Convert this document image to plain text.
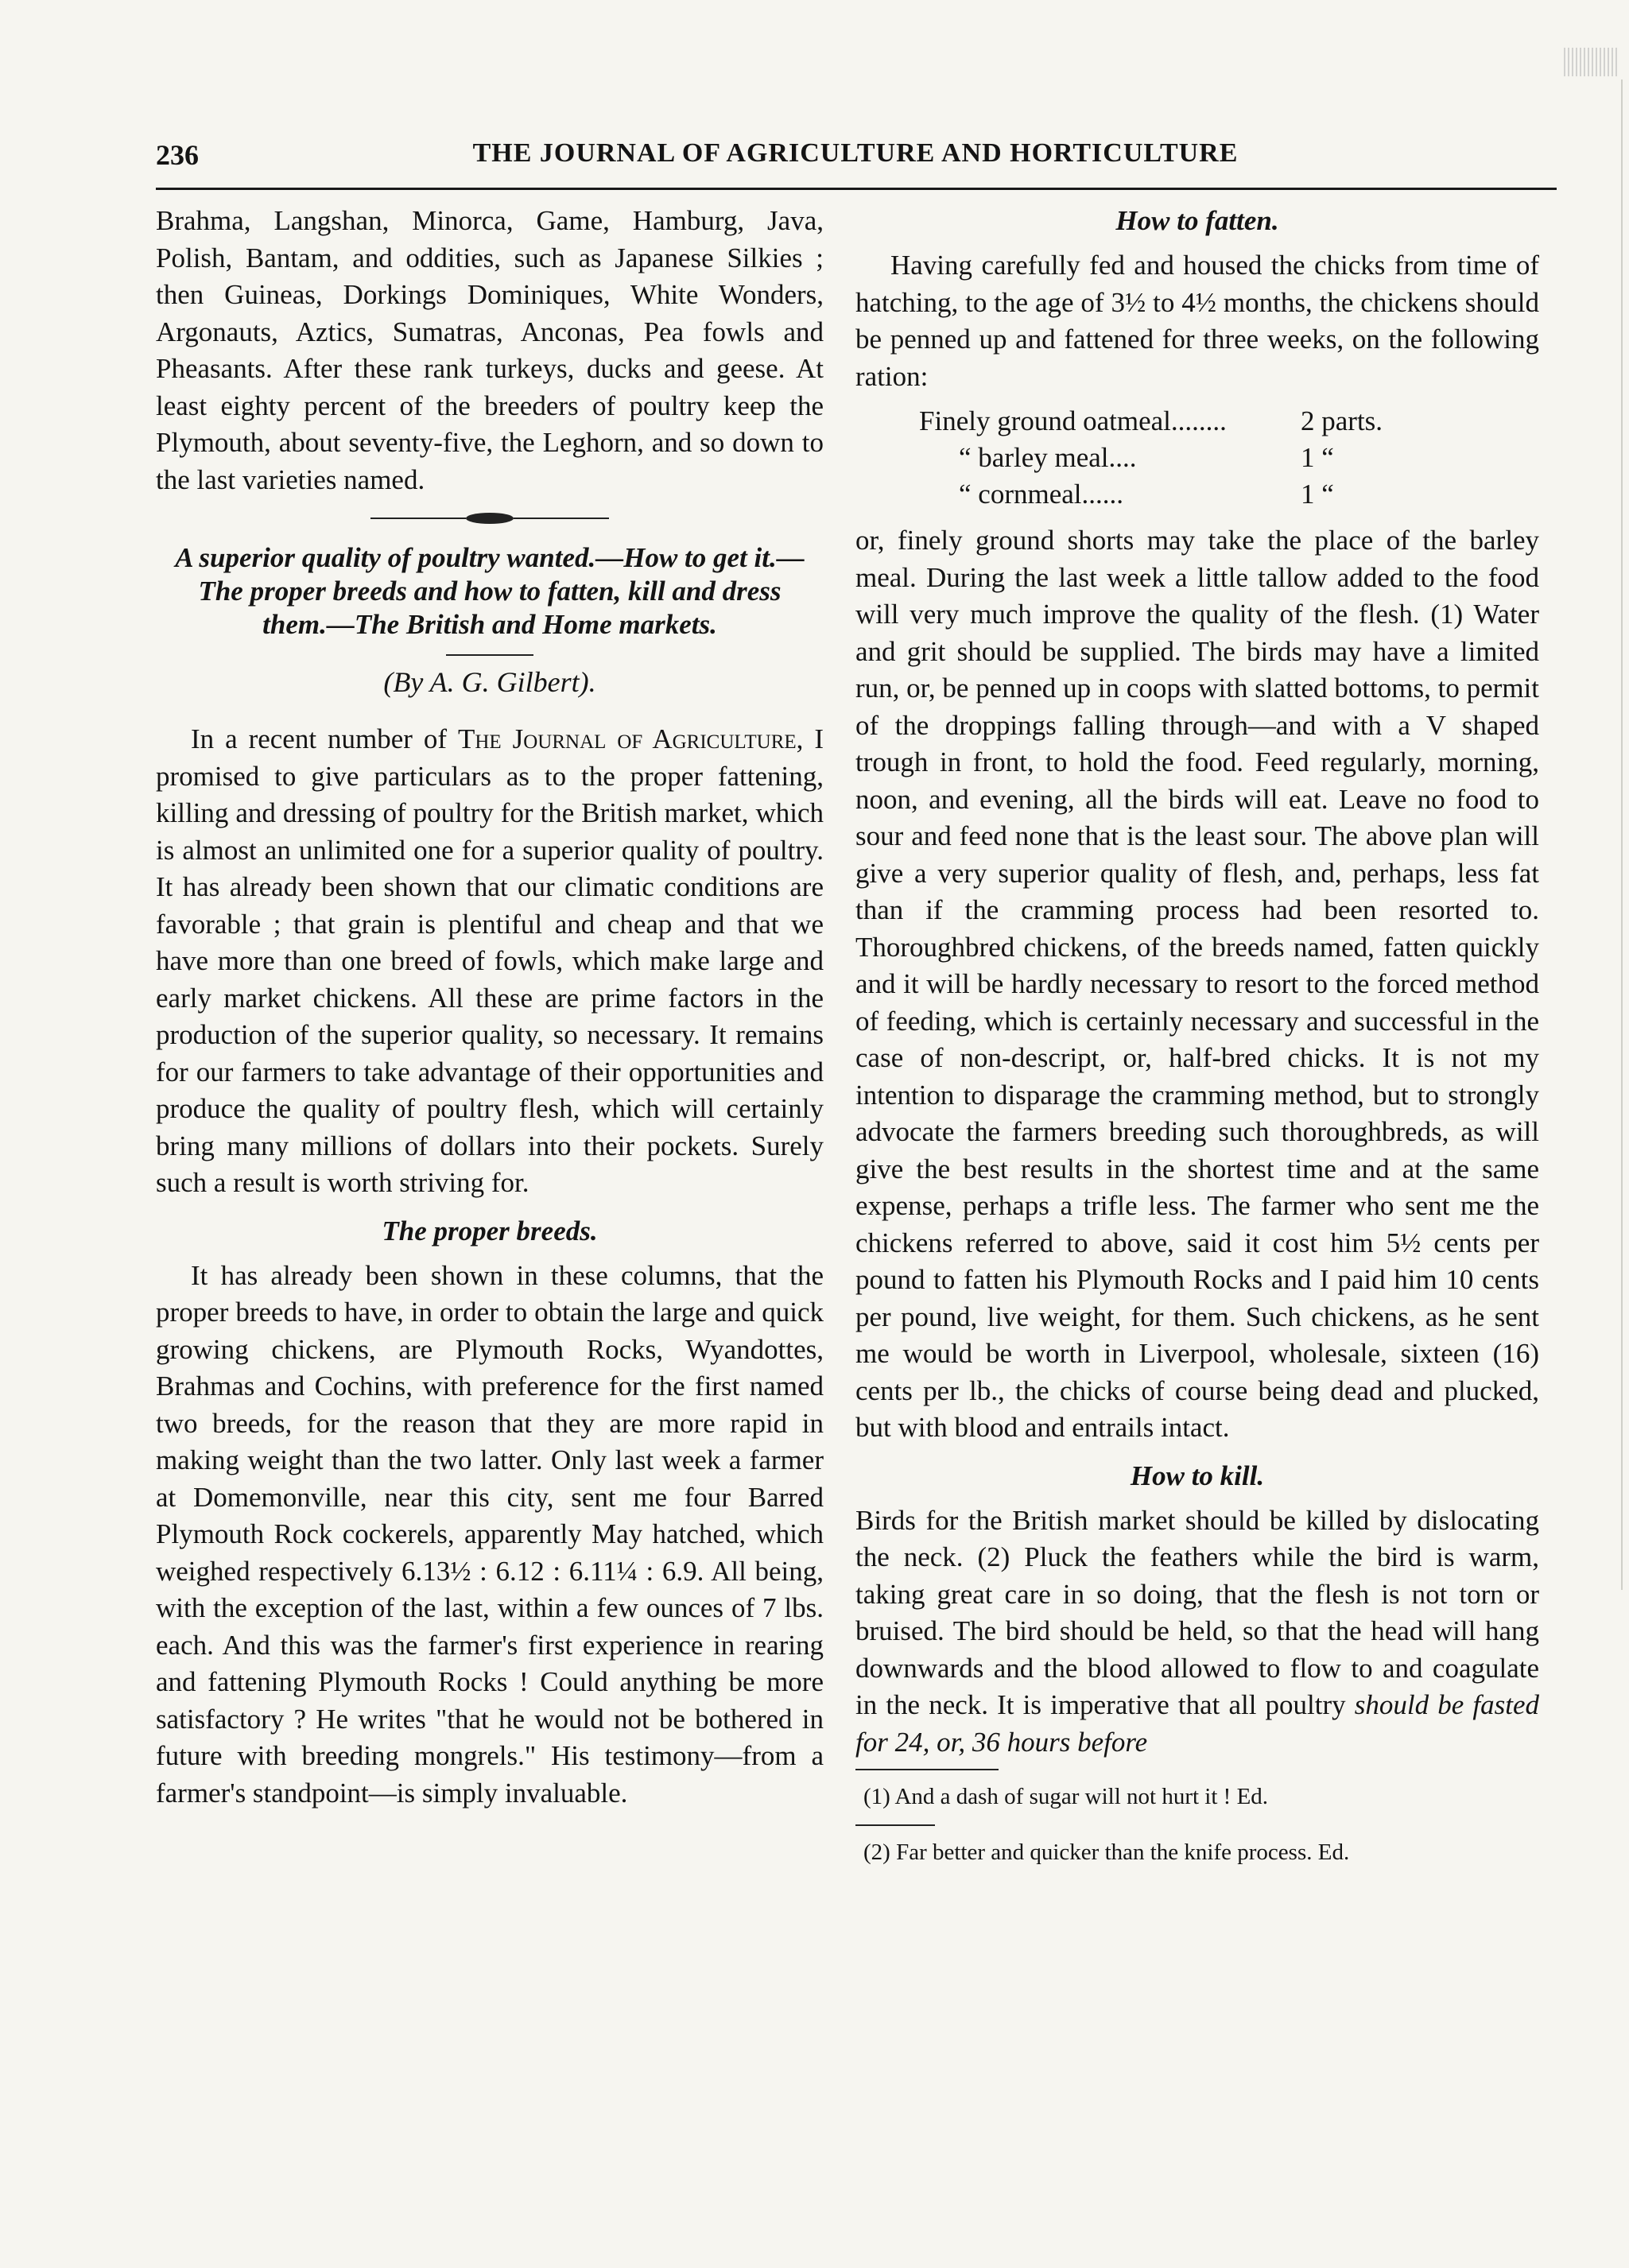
236	THE JOURNAL OF AGRICULTURE AND HORTICULTURE

Brahma, Langshan, Minorca, Game, Hamburg, Java, Polish, Bantam, and oddities, such as Japanese Silkies ; then Guineas, Dorkings Dominiques, White Wonders, Argonauts, Aztics, Sumatras, Anconas, Pea fowls and Pheasants. After these rank turkeys, ducks and geese. At least eighty percent of the breeders of poultry keep the Plymouth, about seventy-five, the Leghorn, and so down to the last varieties named.

A superior quality of poultry wanted.—How to get it.—The proper breeds and how to fatten, kill and dress them.—The British and Home markets.
(By A. G. Gilbert).

In a recent number of The Journal of Agriculture, I promised to give particulars as to the proper fattening, killing and dressing of poultry for the British market, which is almost an unlimited one for a superior quality of poultry. It has already been shown that our climatic conditions are favorable ; that grain is plentiful and cheap and that we have more than one breed of fowls, which make large and early market chickens. All these are prime factors in the production of the superior quality, so necessary. It remains for our farmers to take advantage of their opportunities and produce the quality of poultry flesh, which will certainly bring many millions of dollars into their pockets. Surely such a result is worth striving for.

The proper breeds.

It has already been shown in these columns, that the proper breeds to have, in order to obtain the large and quick growing chickens, are Plymouth Rocks, Wyandottes, Brahmas and Cochins, with preference for the first named two breeds, for the reason that they are more rapid in making weight than the two latter. Only last week a farmer at Domemonville, near this city, sent me four Barred Plymouth Rock cockerels, apparently May hatched, which weighed respectively 6.13½ : 6.12 : 6.11¼ : 6.9. All being, with the exception of the last, within a few ounces of 7 lbs. each. And this was the farmer's first experience in rearing and fattening Plymouth Rocks ! Could anything be more satisfactory ? He writes "that he would not be bothered in future with breeding mongrels." His testimony—from a farmer's standpoint—is simply invaluable.

How to fatten.

Having carefully fed and housed the chicks from time of hatching, to the age of 3½ to 4½ months, the chickens should be penned up and fattened for three weeks, on the following ration:

Finely ground oatmeal........	2 parts.
“ barley meal....	1 “
“ cornmeal......	1 “

or, finely ground shorts may take the place of the barley meal. During the last week a little tallow added to the food will very much improve the quality of the flesh. (1) Water and grit should be supplied. The birds may have a limited run, or, be penned up in coops with slatted bottoms, to permit of the droppings falling through—and with a V shaped trough in front, to hold the food. Feed regularly, morning, noon, and evening, all the birds will eat. Leave no food to sour and feed none that is the least sour. The above plan will give a very superior quality of flesh, and, perhaps, less fat than if the cramming process had been resorted to. Thoroughbred chickens, of the breeds named, fatten quickly and it will be hardly necessary to resort to the forced method of feeding, which is certainly necessary and successful in the case of non-descript, or, half-bred chicks. It is not my intention to disparage the cramming method, but to strongly advocate the farmers breeding such thoroughbreds, as will give the best results in the shortest time and at the same expense, perhaps a trifle less. The farmer who sent me the chickens referred to above, said it cost him 5½ cents per pound to fatten his Plymouth Rocks and I paid him 10 cents per pound, live weight, for them. Such chickens, as he sent me would be worth in Liverpool, wholesale, sixteen (16) cents per lb., the chicks of course being dead and plucked, but with blood and entrails intact.

How to kill.

Birds for the British market should be killed by dislocating the neck. (2) Pluck the feathers while the bird is warm, taking great care in so doing, that the flesh is not torn or bruised. The bird should be held, so that the head will hang downwards and the blood allowed to flow to and coagulate in the neck. It is imperative that all poultry should be fasted for 24, or, 36 hours before

(1) And a dash of sugar will not hurt it ! Ed.
(2) Far better and quicker than the knife process. Ed.
